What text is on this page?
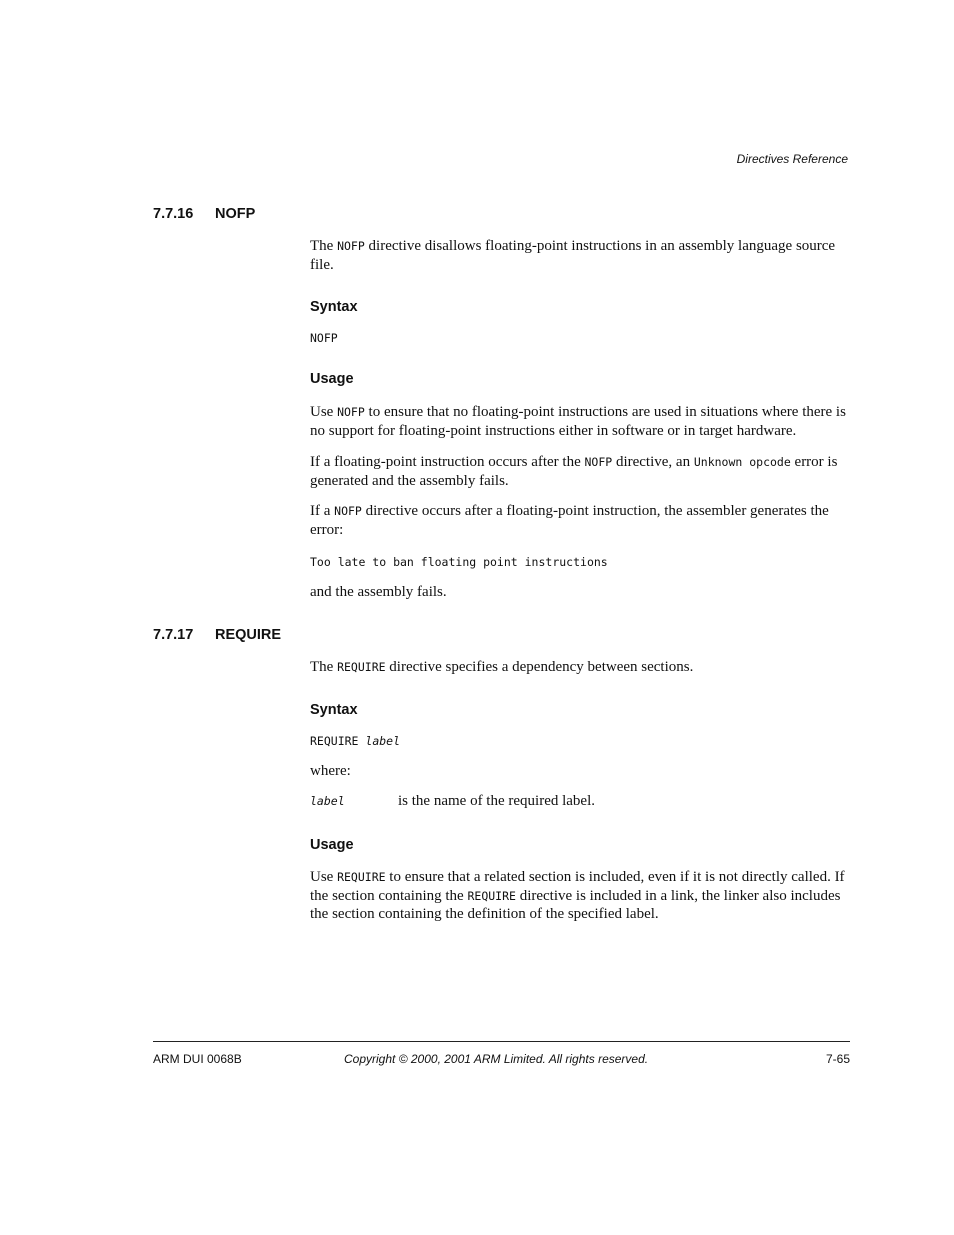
Directives Reference
7.7.16 NOFP

The NOFP directive disallows floating-point instructions in an assembly language source file.

Syntax

NOFP

Usage

Use NOFP to ensure that no floating-point instructions are used in situations where there is no support for floating-point instructions either in software or in target hardware.

If a floating-point instruction occurs after the NOFP directive, an Unknown opcode error is generated and the assembly fails.

If a NOFP directive occurs after a floating-point instruction, the assembler generates the error:

Too late to ban floating point instructions

and the assembly fails.

7.7.17 REQUIRE

The REQUIRE directive specifies a dependency between sections.

Syntax

REQUIRE label

where:

label	is the name of the required label.

Usage

Use REQUIRE to ensure that a related section is included, even if it is not directly called. If the section containing the REQUIRE directive is included in a link, the linker also includes the section containing the definition of the specified label.

ARM DUI 0068B	Copyright © 2000, 2001 ARM Limited. All rights reserved.	7-65
